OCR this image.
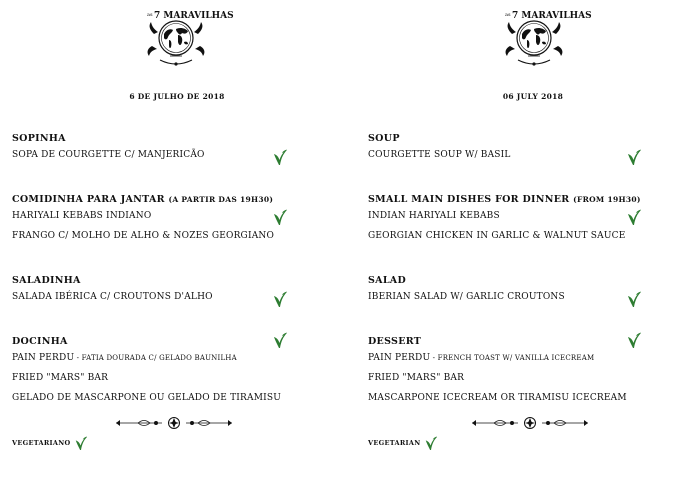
as 7 MARAVILHAS
6 DE JULHO DE 2018
SOPINHA
SOPA DE COURGETTE C/ MANJERICÃO
COMIDINHA PARA JANTAR (A PARTIR DAS 19H30)
HARIYALI KEBABS INDIANO
FRANGO C/ MOLHO DE ALHO & NOZES GEORGIANO
SALADINHA
SALADA IBÉRICA C/ CROUTONS D'ALHO
DOCINHA
PAIN PERDU - FATIA DOURADA C/ GELADO BAUNILHA
FRIED "MARS" BAR
GELADO DE MASCARPONE OU GELADO DE TIRAMISU
VEGETARIANO
as 7 MARAVILHAS
06 JULY 2018
SOUP
COURGETTE SOUP W/ BASIL
SMALL MAIN DISHES FOR DINNER (FROM 19H30)
INDIAN HARIYALI KEBABS
GEORGIAN CHICKEN IN GARLIC & WALNUT SAUCE
SALAD
IBERIAN SALAD W/ GARLIC CROUTONS
DESSERT
PAIN PERDU - FRENCH TOAST W/ VANILLA ICECREAM
FRIED "MARS" BAR
MASCARPONE ICECREAM OR TIRAMISU ICECREAM
VEGETARIAN
